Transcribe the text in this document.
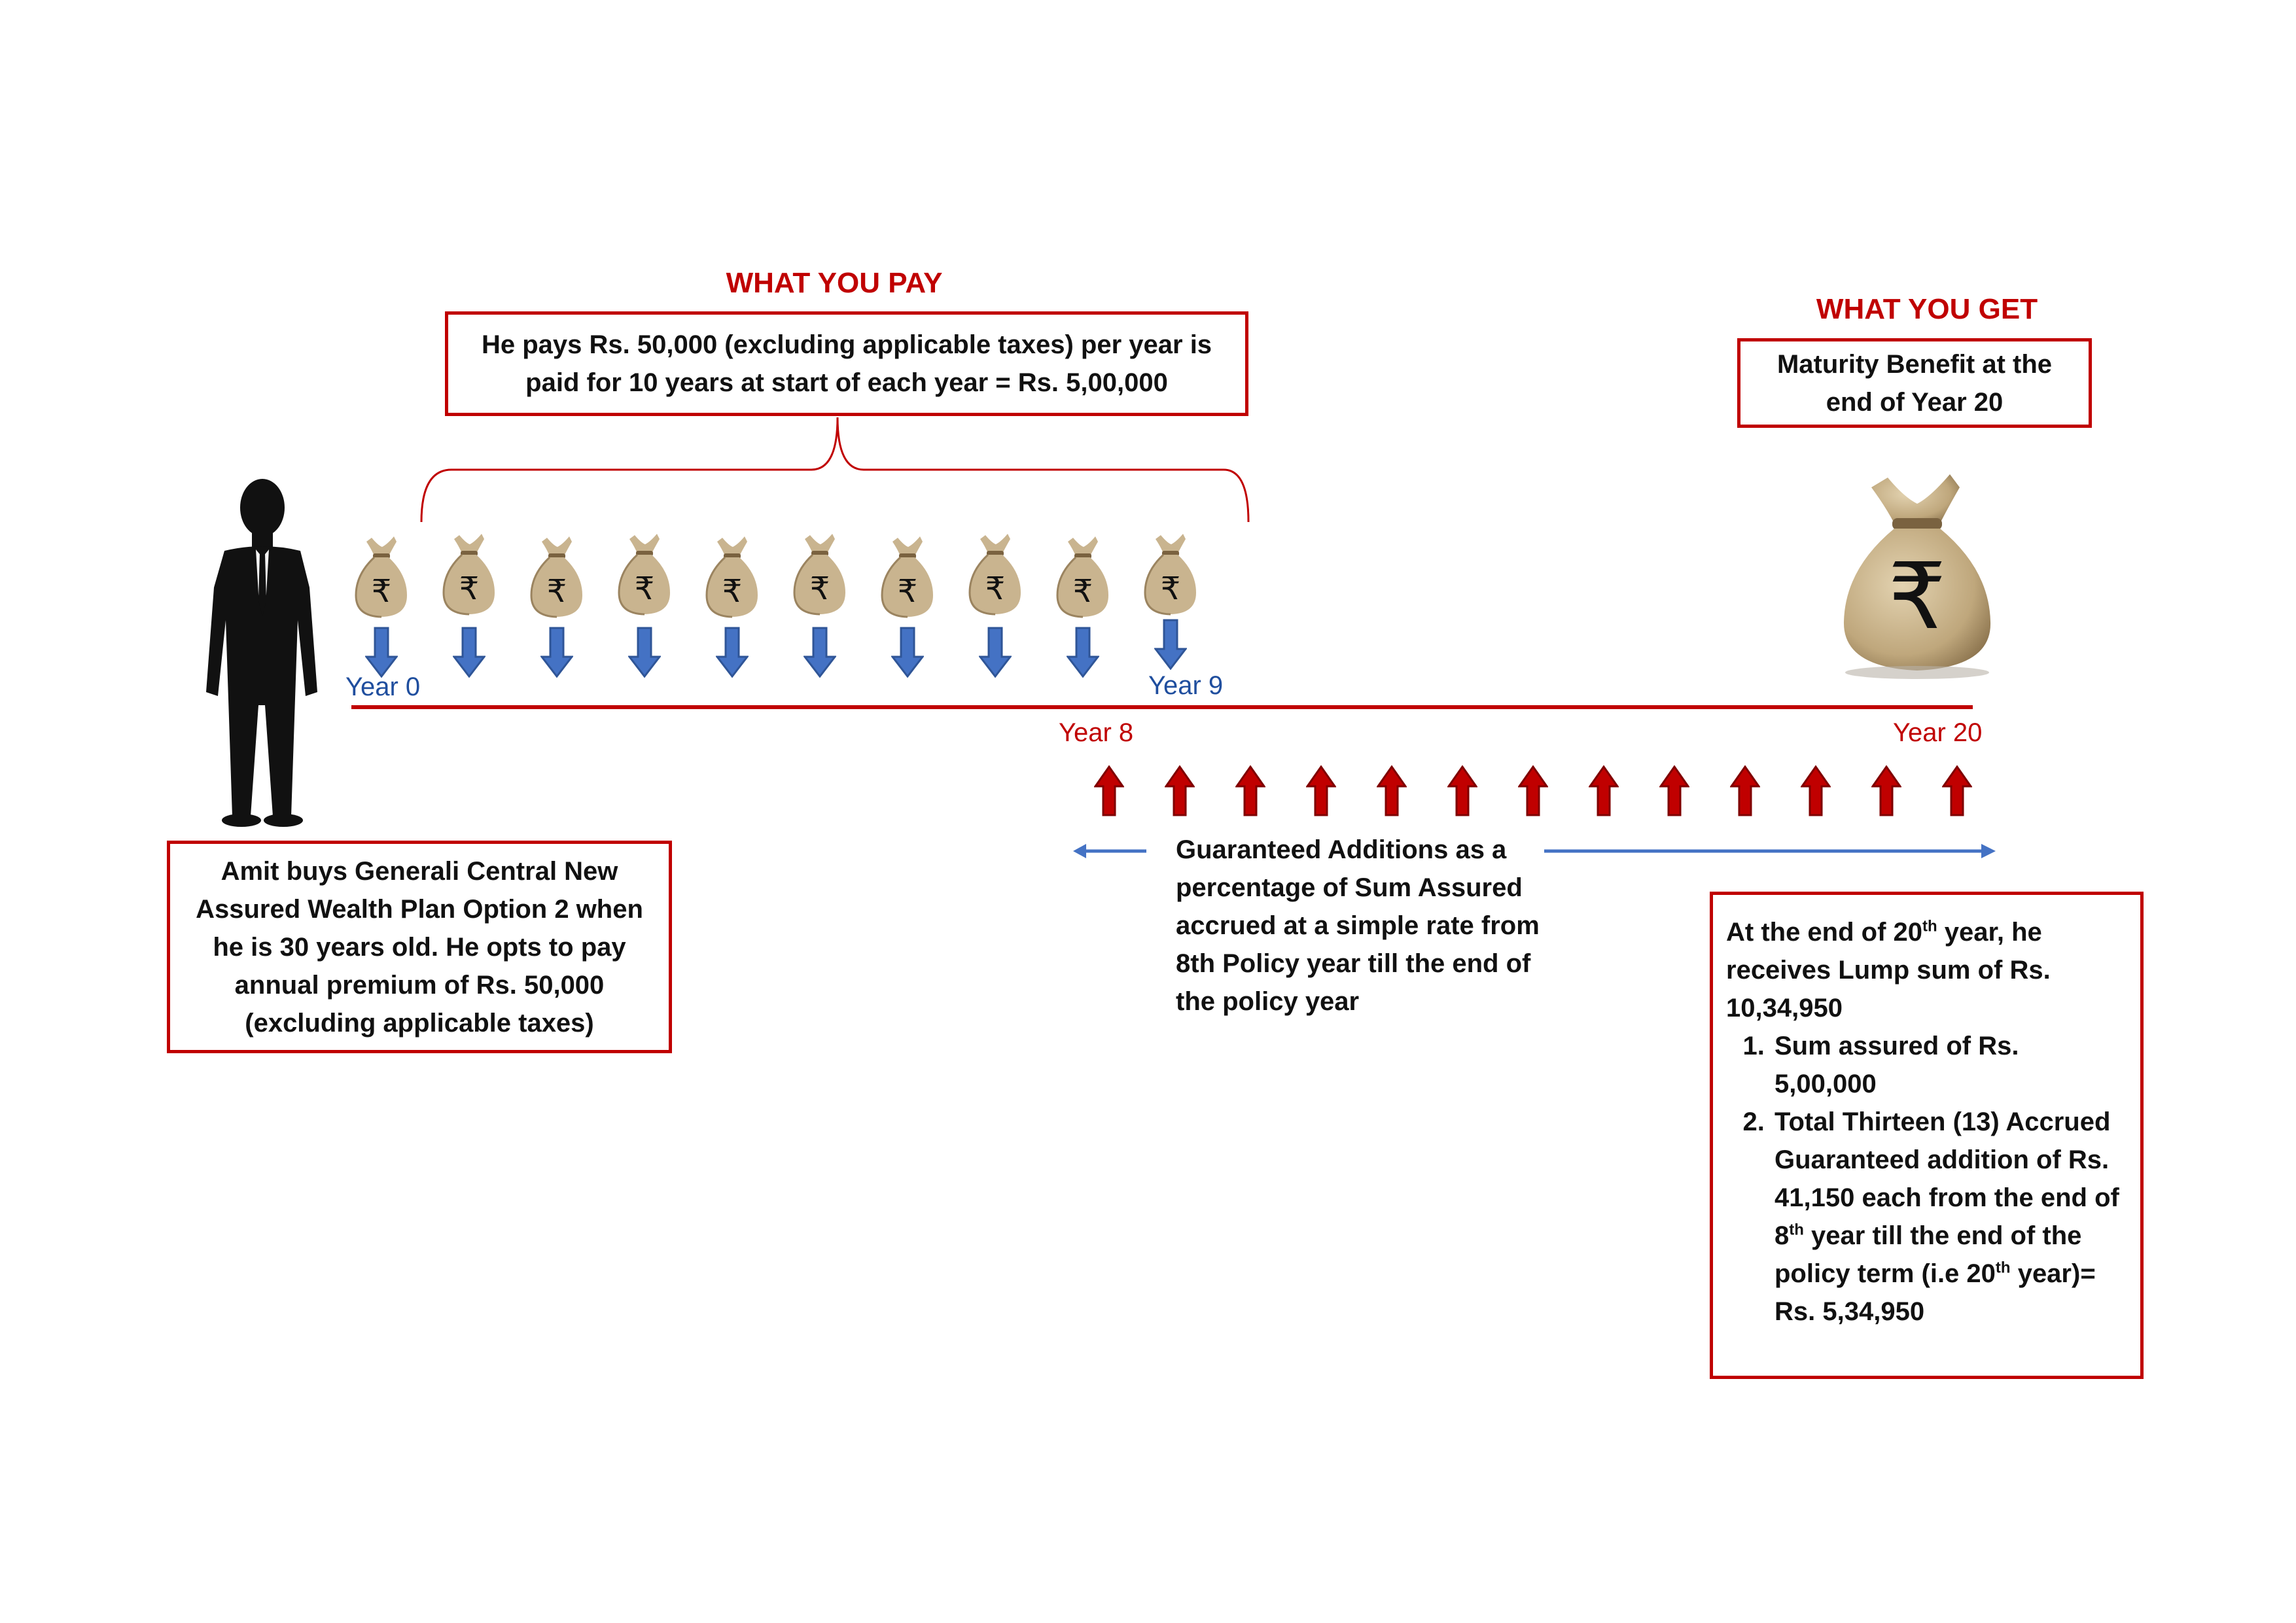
WHAT YOU PAY
WHAT YOU GET
He pays Rs. 50,000 (excluding applicable taxes) per year is paid for 10 years at start of each year = Rs. 5,00,000
Maturity Benefit at the end of Year 20
₹ ₹ ₹ ₹ ₹ ₹ ₹ ₹ ₹ ₹	₹
Year 0	Year 9
Year 8	Year 20
Guaranteed Additions as a percentage of Sum Assured accrued at a simple rate from 8th Policy year till the end of the policy year
Amit buys Generali Central New Assured Wealth Plan Option 2 when he is 30 years old. He opts to pay annual premium of Rs. 50,000 (excluding applicable taxes)
At the end of 20th year, he receives Lump sum of Rs. 10,34,950
1. Sum assured of Rs. 5,00,000
2. Total Thirteen (13) Accrued Guaranteed addition of Rs. 41,150 each from the end of 8th year till the end of the policy term (i.e 20th year)= Rs. 5,34,950
